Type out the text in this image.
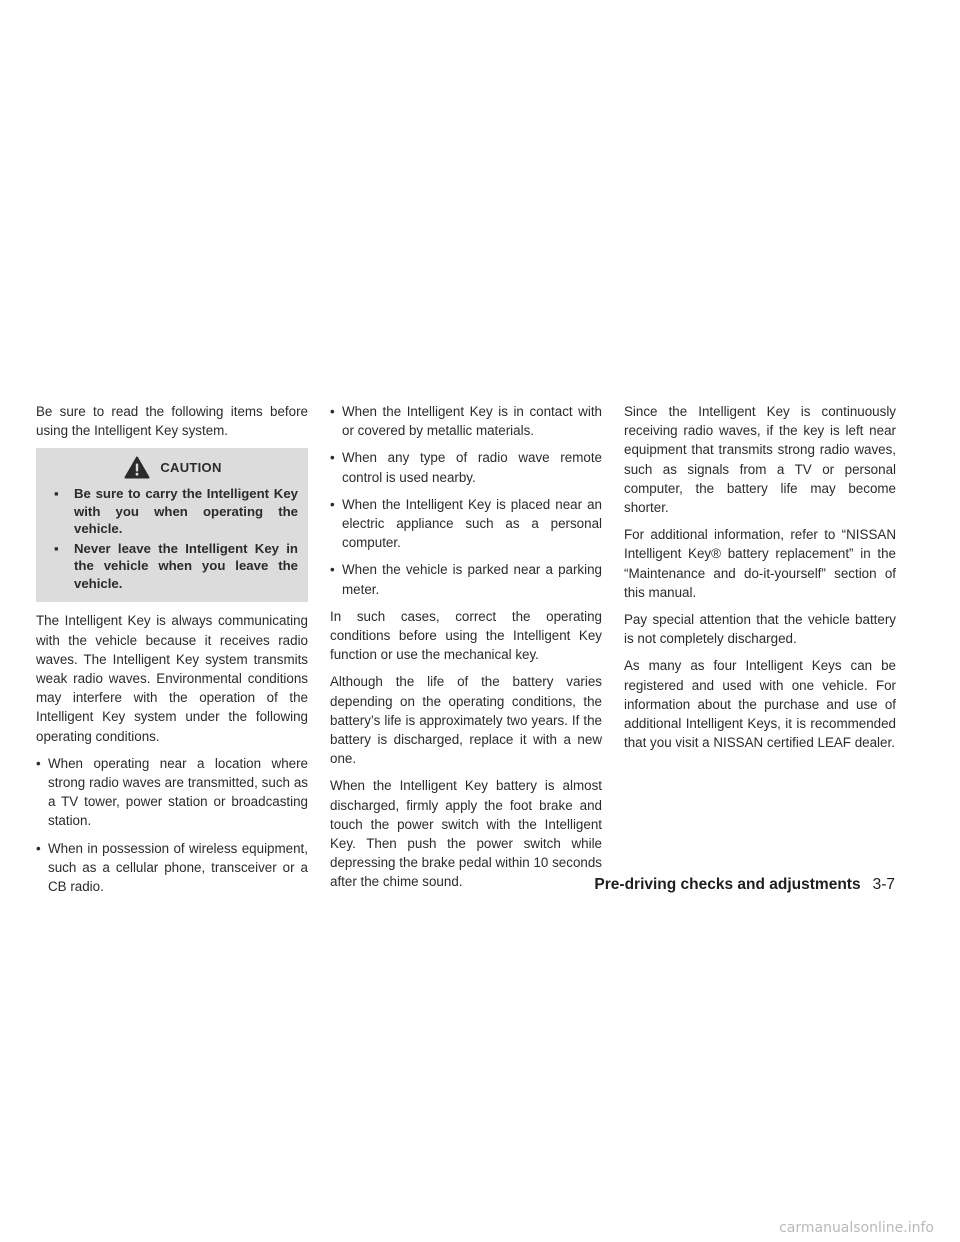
Be sure to read the following items before using the Intelligent Key system.

CAUTION
▪	Be sure to carry the Intelligent Key with you when operating the vehicle.
▪	Never leave the Intelligent Key in the vehicle when you leave the vehicle.

The Intelligent Key is always communicating with the vehicle because it receives radio waves. The Intelligent Key system transmits weak radio waves. Environmental conditions may interfere with the operation of the Intelligent Key system under the following operating conditions.

• When operating near a location where strong radio waves are transmitted, such as a TV tower, power station or broadcasting station.
• When in possession of wireless equipment, such as a cellular phone, transceiver or a CB radio.
• When the Intelligent Key is in contact with or covered by metallic materials.
• When any type of radio wave remote control is used nearby.
• When the Intelligent Key is placed near an electric appliance such as a personal computer.
• When the vehicle is parked near a parking meter.

In such cases, correct the operating conditions before using the Intelligent Key function or use the mechanical key.

Although the life of the battery varies depending on the operating conditions, the battery’s life is approximately two years. If the battery is discharged, replace it with a new one.

When the Intelligent Key battery is almost discharged, firmly apply the foot brake and touch the power switch with the Intelligent Key. Then push the power switch while depressing the brake pedal within 10 seconds after the chime sound.

Since the Intelligent Key is continuously receiving radio waves, if the key is left near equipment that transmits strong radio waves, such as signals from a TV or personal computer, the battery life may become shorter.

For additional information, refer to “NISSAN Intelligent Key® battery replacement” in the “Maintenance and do-it-yourself” section of this manual.

Pay special attention that the vehicle battery is not completely discharged.

As many as four Intelligent Keys can be registered and used with one vehicle. For information about the purchase and use of additional Intelligent Keys, it is recommended that you visit a NISSAN certified LEAF dealer.

Pre-driving checks and adjustments 3-7
carmanualsonline.info
